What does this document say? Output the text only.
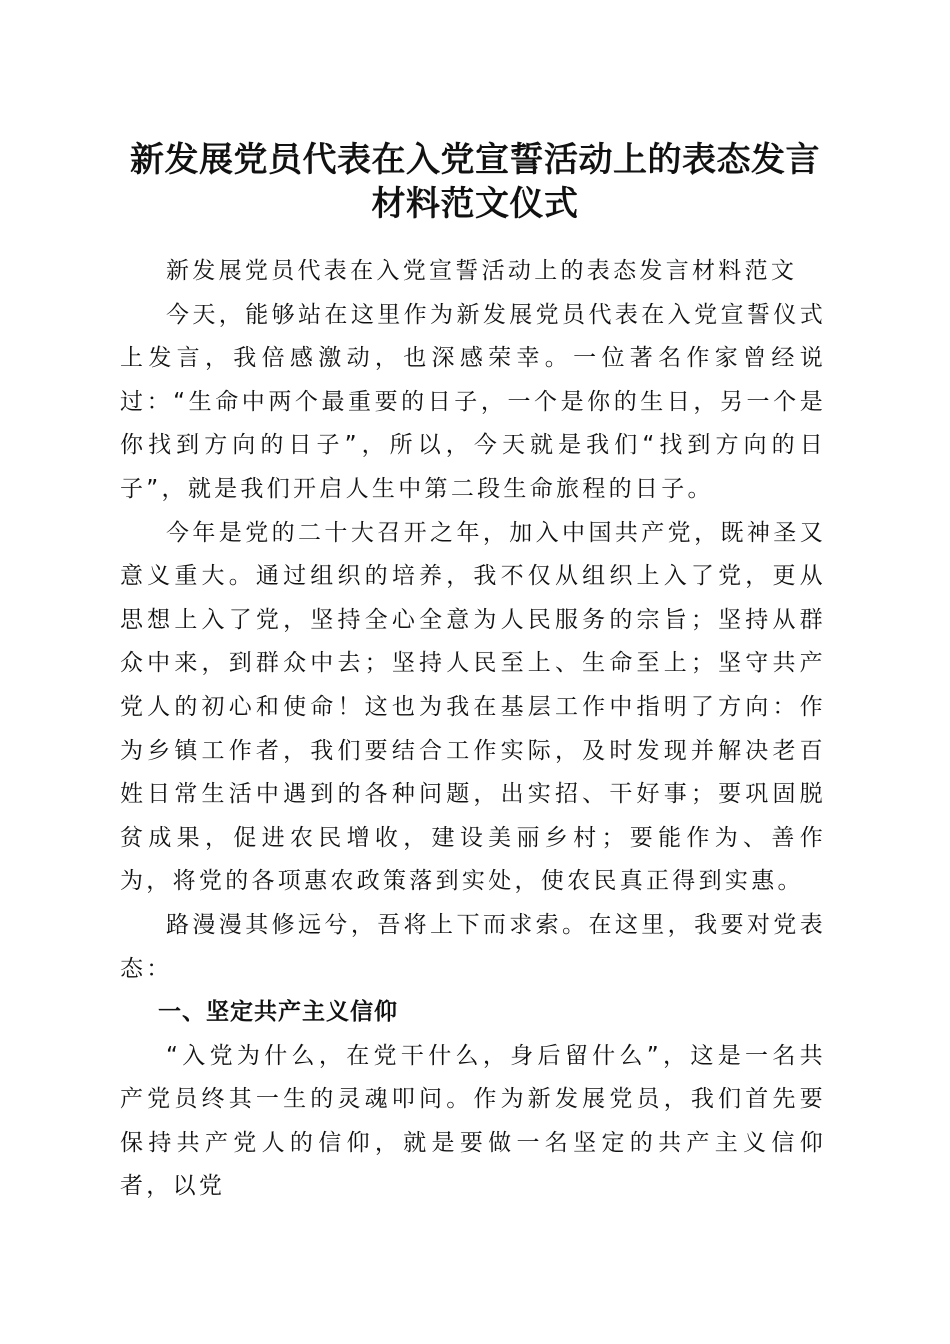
新发展党员代表在入党宣誓活动上的表态发言
材料范文仪式

新发展党员代表在入党宣誓活动上的表态发言材料范文

今天，能够站在这里作为新发展党员代表在入党宣誓仪式上发言，我倍感激动，也深感荣幸。一位著名作家曾经说过：“生命中两个最重要的日子，一个是你的生日，另一个是你找到方向的日子”，所以，今天就是我们“找到方向的日子”，就是我们开启人生中第二段生命旅程的日子。

今年是党的二十大召开之年，加入中国共产党，既神圣又意义重大。通过组织的培养，我不仅从组织上入了党，更从思想上入了党，坚持全心全意为人民服务的宗旨；坚持从群众中来，到群众中去；坚持人民至上、生命至上；坚守共产党人的初心和使命！这也为我在基层工作中指明了方向：作为乡镇工作者，我们要结合工作实际，及时发现并解决老百姓日常生活中遇到的各种问题，出实招、干好事；要巩固脱贫成果，促进农民增收，建设美丽乡村；要能作为、善作为，将党的各项惠农政策落到实处，使农民真正得到实惠。

路漫漫其修远兮，吾将上下而求索。在这里，我要对党表态：

一、坚定共产主义信仰

“入党为什么，在党干什么，身后留什么”，这是一名共产党员终其一生的灵魂叩问。作为新发展党员，我们首先要保持共产党人的信仰，就是要做一名坚定的共产主义信仰者，以党
